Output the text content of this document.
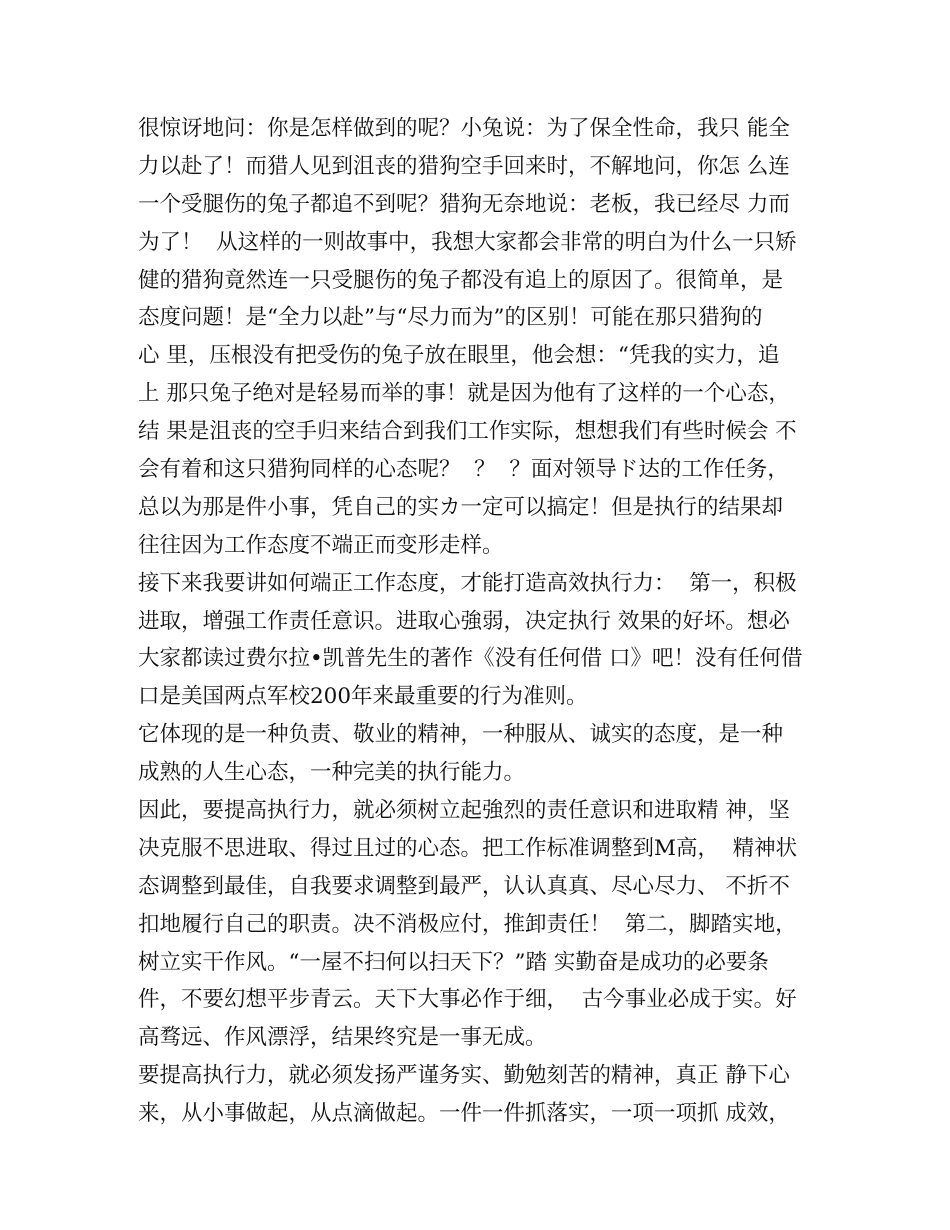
很惊讶地问：你是怎样做到的呢？小兔说：为了保全性命，我只 能全
力以赴了！而猎人见到沮丧的猎狗空手回来时，不解地问，你怎 么连
一个受腿伤的兔子都追不到呢？猎狗无奈地说：老板，我已经尽 力而
为了！  从这样的一则故事中，我想大家都会非常的明白为什么一只矫
健的猎狗竟然连一只受腿伤的兔子都没有追上的原因了。很简单，是
态度问题！是“全力以赴”与“尽力而为”的区别！可能在那只猎狗的
心 里，压根没有把受伤的兔子放在眼里，他会想：“凭我的实力，追
上 那只兔子绝对是轻易而举的事！就是因为他有了这样的一个心态，
结 果是沮丧的空手归来结合到我们工作实际，想想我们有些时候会 不
会有着和这只猎狗同样的心态呢？  ？  ？面对领导ド达的工作任务，
总以为那是件小事，凭自己的实カ一定可以搞定！但是执行的结果却
往往因为工作态度不端正而变形走样。
接下来我要讲如何端正工作态度，才能打造高效执行力：  第一，积极
进取，增强工作责任意识。进取心強弱，决定执行 效果的好坏。想必
大家都读过费尔拉•凯普先生的著作《没有任何借 口》吧！没有任何借
口是美国两点军校200年来最重要的行为准则。
它体现的是一种负责、敬业的精神，一种服从、诚实的态度，是一种
成熟的人生心态，一种完美的执行能力。
因此，要提高执行力，就必须树立起強烈的责任意识和进取精 神，坚
决克服不思进取、得过且过的心态。把工作标准调整到M高，  精神状
态调整到最佳，自我要求调整到最严，认认真真、尽心尽力、 不折不
扣地履行自己的职责。决不消极应付，推卸责任！  第二，脚踏实地，
树立实干作风。“一屋不扫何以扫天下？”踏 实勤奋是成功的必要条
件，不要幻想平步青云。天下大事必作于细，  古今事业必成于实。好
高骛远、作风漂浮，结果终究是一事无成。
要提高执行力，就必须发扬严谨务实、勤勉刻苦的精神，真正 静下心
来，从小事做起，从点滴做起。一件一件抓落实，一项一项抓 成效，
